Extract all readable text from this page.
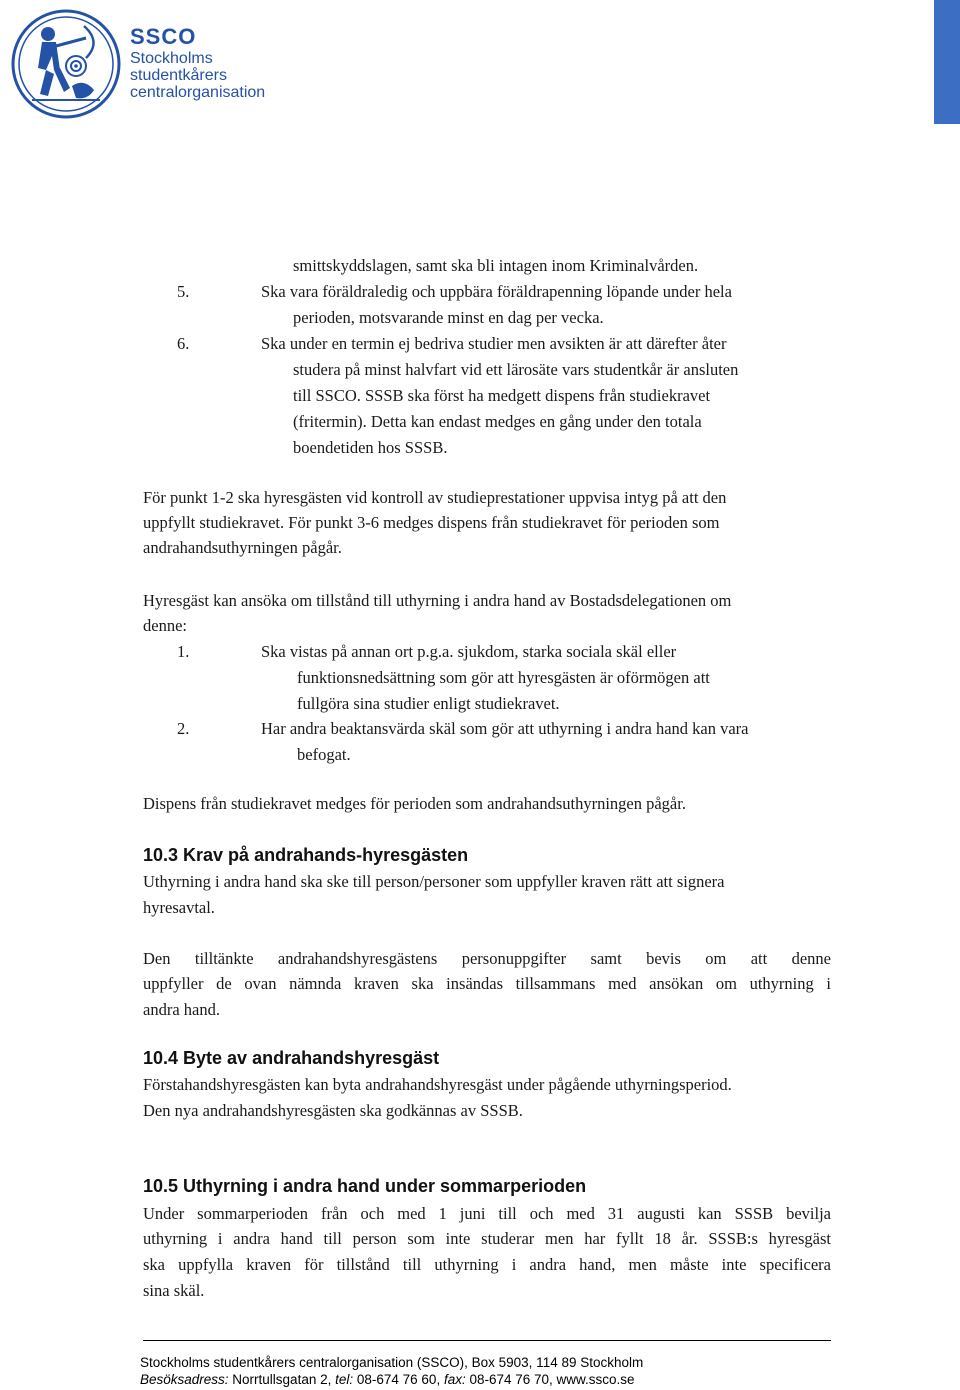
SSCO
Stockholms
studentkårers
centralorganisation
smittskyddslagen, samt ska bli intagen inom Kriminalvården.
5.	Ska vara föräldraledig och uppbära föräldrapenning löpande under hela
perioden, motsvarande minst en dag per vecka.
6.	Ska under en termin ej bedriva studier men avsikten är att därefter åter
studera på minst halvfart vid ett lärosäte vars studentkår är ansluten
till SSCO. SSSB ska först ha medgett dispens från studiekravet
(fritermin). Detta kan endast medges en gång under den totala
boendetiden hos SSSB.
För punkt 1-2 ska hyresgästen vid kontroll av studieprestationer uppvisa intyg på att den
uppfyllt studiekravet. För punkt 3-6 medges dispens från studiekravet för perioden som
andrahandsuthyrningen pågår.
Hyresgäst kan ansöka om tillstånd till uthyrning i andra hand av Bostadsdelegationen om
denne:
1.	Ska vistas på annan ort p.g.a. sjukdom, starka sociala skäl eller
funktionsnedsättning som gör att hyresgästen är oförmögen att
fullgöra sina studier enligt studiekravet.
2.	Har andra beaktansvärda skäl som gör att uthyrning i andra hand kan vara
befogat.
Dispens från studiekravet medges för perioden som andrahandsuthyrningen pågår.
10.3 Krav på andrahands-hyresgästen
Uthyrning i andra hand ska ske till person/personer som uppfyller kraven rätt att signera
hyresavtal.
Den tilltänkte andrahandshyresgästens personuppgifter samt bevis om att denne
uppfyller de ovan nämnda kraven ska insändas tillsammans med ansökan om uthyrning i
andra hand.
10.4 Byte av andrahandshyresgäst
Förstahandshyresgästen kan byta andrahandshyresgäst under pågående uthyrningsperiod.
Den nya andrahandshyresgästen ska godkännas av SSSB.
10.5 Uthyrning i andra hand under sommarperioden
Under sommarperioden från och med 1 juni till och med 31 augusti kan SSSB bevilja
uthyrning i andra hand till person som inte studerar men har fyllt 18 år. SSSB:s hyresgäst
ska uppfylla kraven för tillstånd till uthyrning i andra hand, men måste inte specificera
sina skäl.
Stockholms studentkårers centralorganisation (SSCO), Box 5903, 114 89 Stockholm
Besöksadress: Norrtullsgatan 2, tel: 08-674 76 60, fax: 08-674 76 70, www.ssco.se
